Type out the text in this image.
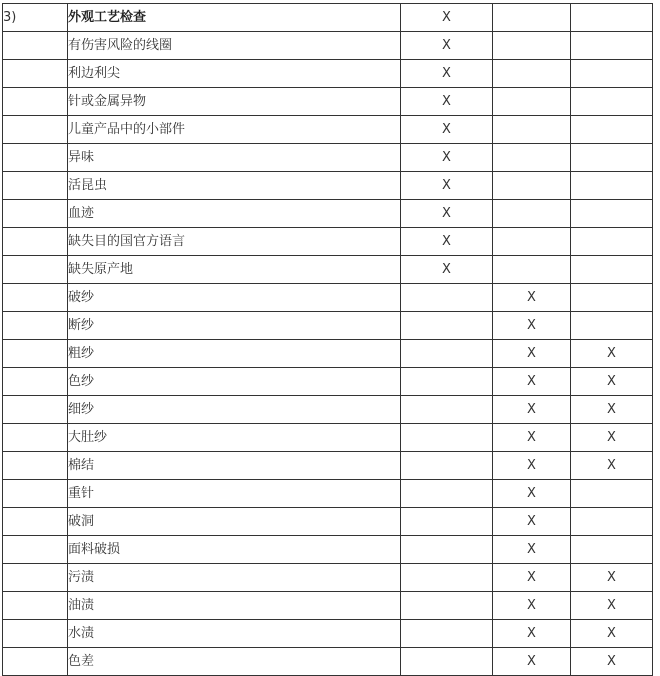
3)	外观工艺检查	X		
	有伤害风险的线圈	X		
	利边利尖	X		
	针或金属异物	X		
	儿童产品中的小部件	X		
	异味	X		
	活昆虫	X		
	血迹	X		
	缺失目的国官方语言	X		
	缺失原产地	X		
	破纱		X	
	断纱		X	
	粗纱		X	X
	色纱		X	X
	细纱		X	X
	大肚纱		X	X
	棉结		X	X
	重针		X	
	破洞		X	
	面料破损		X	
	污渍		X	X
	油渍		X	X
	水渍		X	X
	色差		X	X
